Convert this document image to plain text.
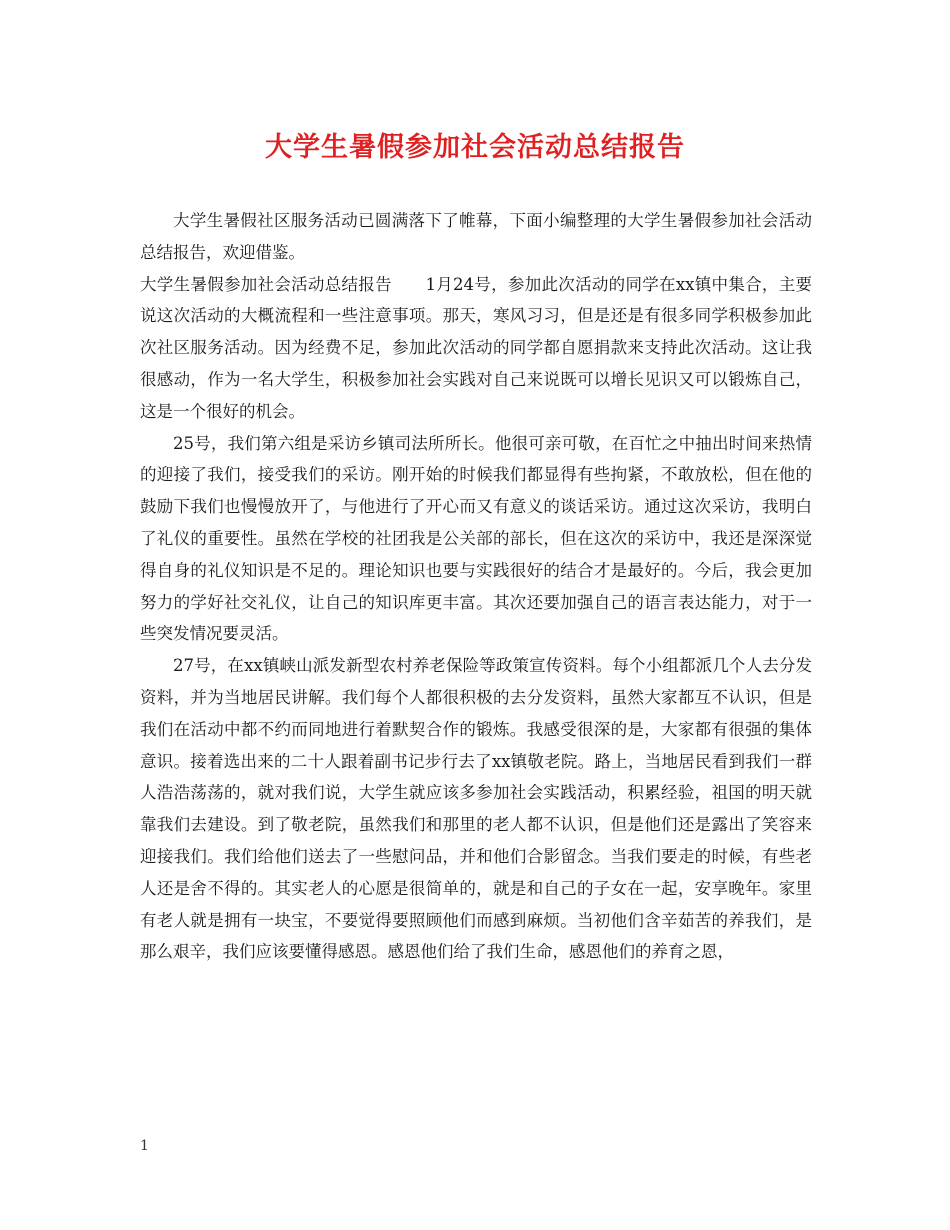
大学生暑假参加社会活动总结报告

大学生暑假社区服务活动已圆满落下了帷幕，下面小编整理的大学生暑假参加社会活动总结报告，欢迎借鉴。

大学生暑假参加社会活动总结报告　　1月24号，参加此次活动的同学在xx镇中集合，主要说这次活动的大概流程和一些注意事项。那天，寒风习习，但是还是有很多同学积极参加此次社区服务活动。因为经费不足，参加此次活动的同学都自愿捐款来支持此次活动。这让我很感动，作为一名大学生，积极参加社会实践对自己来说既可以增长见识又可以锻炼自己，这是一个很好的机会。

25号，我们第六组是采访乡镇司法所所长。他很可亲可敬，在百忙之中抽出时间来热情的迎接了我们，接受我们的采访。刚开始的时候我们都显得有些拘紧，不敢放松，但在他的鼓励下我们也慢慢放开了，与他进行了开心而又有意义的谈话采访。通过这次采访，我明白了礼仪的重要性。虽然在学校的社团我是公关部的部长，但在这次的采访中，我还是深深觉得自身的礼仪知识是不足的。理论知识也要与实践很好的结合才是最好的。今后，我会更加努力的学好社交礼仪，让自己的知识库更丰富。其次还要加强自己的语言表达能力，对于一些突发情况要灵活。

27号，在xx镇峡山派发新型农村养老保险等政策宣传资料。每个小组都派几个人去分发资料，并为当地居民讲解。我们每个人都很积极的去分发资料，虽然大家都互不认识，但是我们在活动中都不约而同地进行着默契合作的锻炼。我感受很深的是，大家都有很强的集体意识。接着选出来的二十人跟着副书记步行去了xx镇敬老院。路上，当地居民看到我们一群人浩浩荡荡的，就对我们说，大学生就应该多参加社会实践活动，积累经验，祖国的明天就靠我们去建设。到了敬老院，虽然我们和那里的老人都不认识，但是他们还是露出了笑容来迎接我们。我们给他们送去了一些慰问品，并和他们合影留念。当我们要走的时候，有些老人还是舍不得的。其实老人的心愿是很简单的，就是和自己的子女在一起，安享晚年。家里有老人就是拥有一块宝，不要觉得要照顾他们而感到麻烦。当初他们含辛茹苦的养我们，是那么艰辛，我们应该要懂得感恩。感恩他们给了我们生命，感恩他们的养育之恩，

1
